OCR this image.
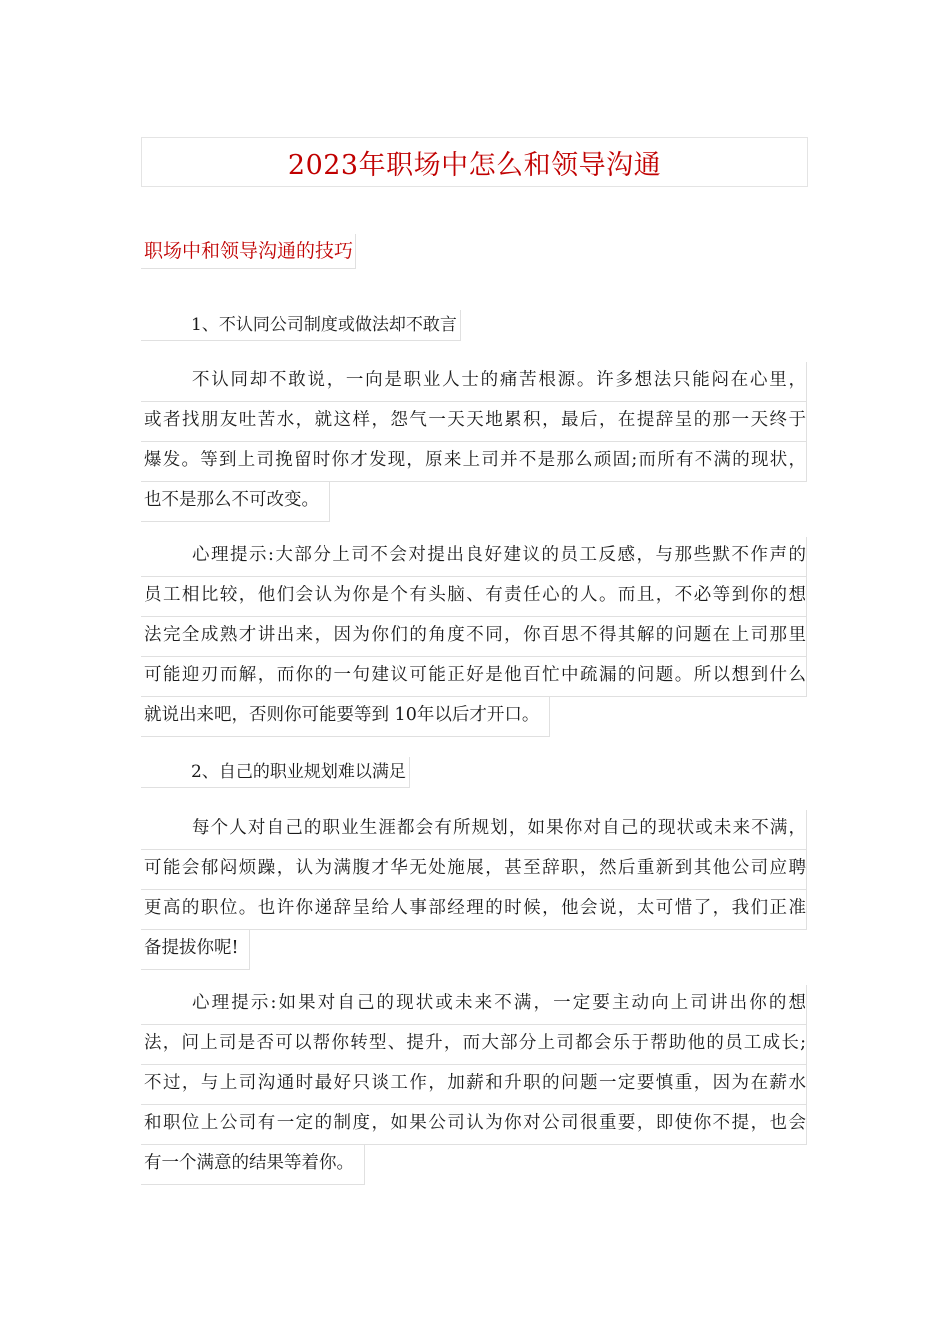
2023年职场中怎么和领导沟通
职场中和领导沟通的技巧
1、不认同公司制度或做法却不敢言
不认同却不敢说，一向是职业人士的痛苦根源。许多想法只能闷在心里，
或者找朋友吐苦水，就这样，怨气一天天地累积，最后，在提辞呈的那一天终于
爆发。等到上司挽留时你才发现，原来上司并不是那么顽固;而所有不满的现状，
也不是那么不可改变。
心理提示:大部分上司不会对提出良好建议的员工反感，与那些默不作声的
员工相比较，他们会认为你是个有头脑、有责任心的人。而且，不必等到你的想
法完全成熟才讲出来，因为你们的角度不同，你百思不得其解的问题在上司那里
可能迎刃而解，而你的一句建议可能正好是他百忙中疏漏的问题。所以想到什么
就说出来吧，否则你可能要等到 10年以后才开口。
2、自己的职业规划难以满足
每个人对自己的职业生涯都会有所规划，如果你对自己的现状或未来不满，
可能会郁闷烦躁，认为满腹才华无处施展，甚至辞职，然后重新到其他公司应聘
更高的职位。也许你递辞呈给人事部经理的时候，他会说，太可惜了，我们正准
备提拔你呢!
心理提示:如果对自己的现状或未来不满，一定要主动向上司讲出你的想
法，问上司是否可以帮你转型、提升，而大部分上司都会乐于帮助他的员工成长;
不过，与上司沟通时最好只谈工作，加薪和升职的问题一定要慎重，因为在薪水
和职位上公司有一定的制度，如果公司认为你对公司很重要，即使你不提，也会
有一个满意的结果等着你。
